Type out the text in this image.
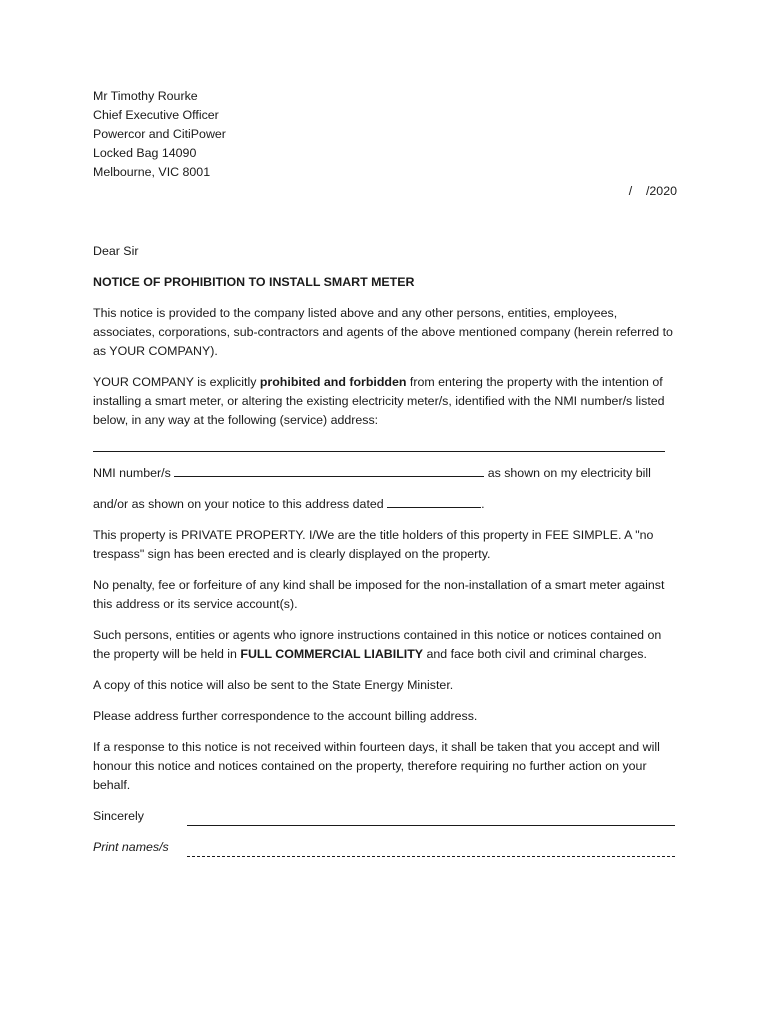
Mr Timothy Rourke
Chief Executive Officer
Powercor and CitiPower
Locked Bag 14090
Melbourne, VIC 8001
/    /2020
Dear Sir

NOTICE OF PROHIBITION TO INSTALL SMART METER

This notice is provided to the company listed above and any other persons, entities, employees, associates, corporations, sub-contractors and agents of the above mentioned company (herein referred to as YOUR COMPANY).

YOUR COMPANY is explicitly prohibited and forbidden from entering the property with the intention of installing a smart meter, or altering the existing electricity meter/s, identified with the NMI number/s listed below, in any way at the following (service) address:

NMI number/s	as shown on my electricity bill

and/or as shown on your notice to this address dated	.

This property is PRIVATE PROPERTY. I/We are the title holders of this property in FEE SIMPLE. A "no trespass" sign has been erected and is clearly displayed on the property.

No penalty, fee or forfeiture of any kind shall be imposed for the non-installation of a smart meter against this address or its service account(s).

Such persons, entities or agents who ignore instructions contained in this notice or notices contained on the property will be held in FULL COMMERCIAL LIABILITY and face both civil and criminal charges.

A copy of this notice will also be sent to the State Energy Minister.

Please address further correspondence to the account billing address.

If a response to this notice is not received within fourteen days, it shall be taken that you accept and will honour this notice and notices contained on the property, therefore requiring no further action on your behalf.

Sincerely
Print names/s
